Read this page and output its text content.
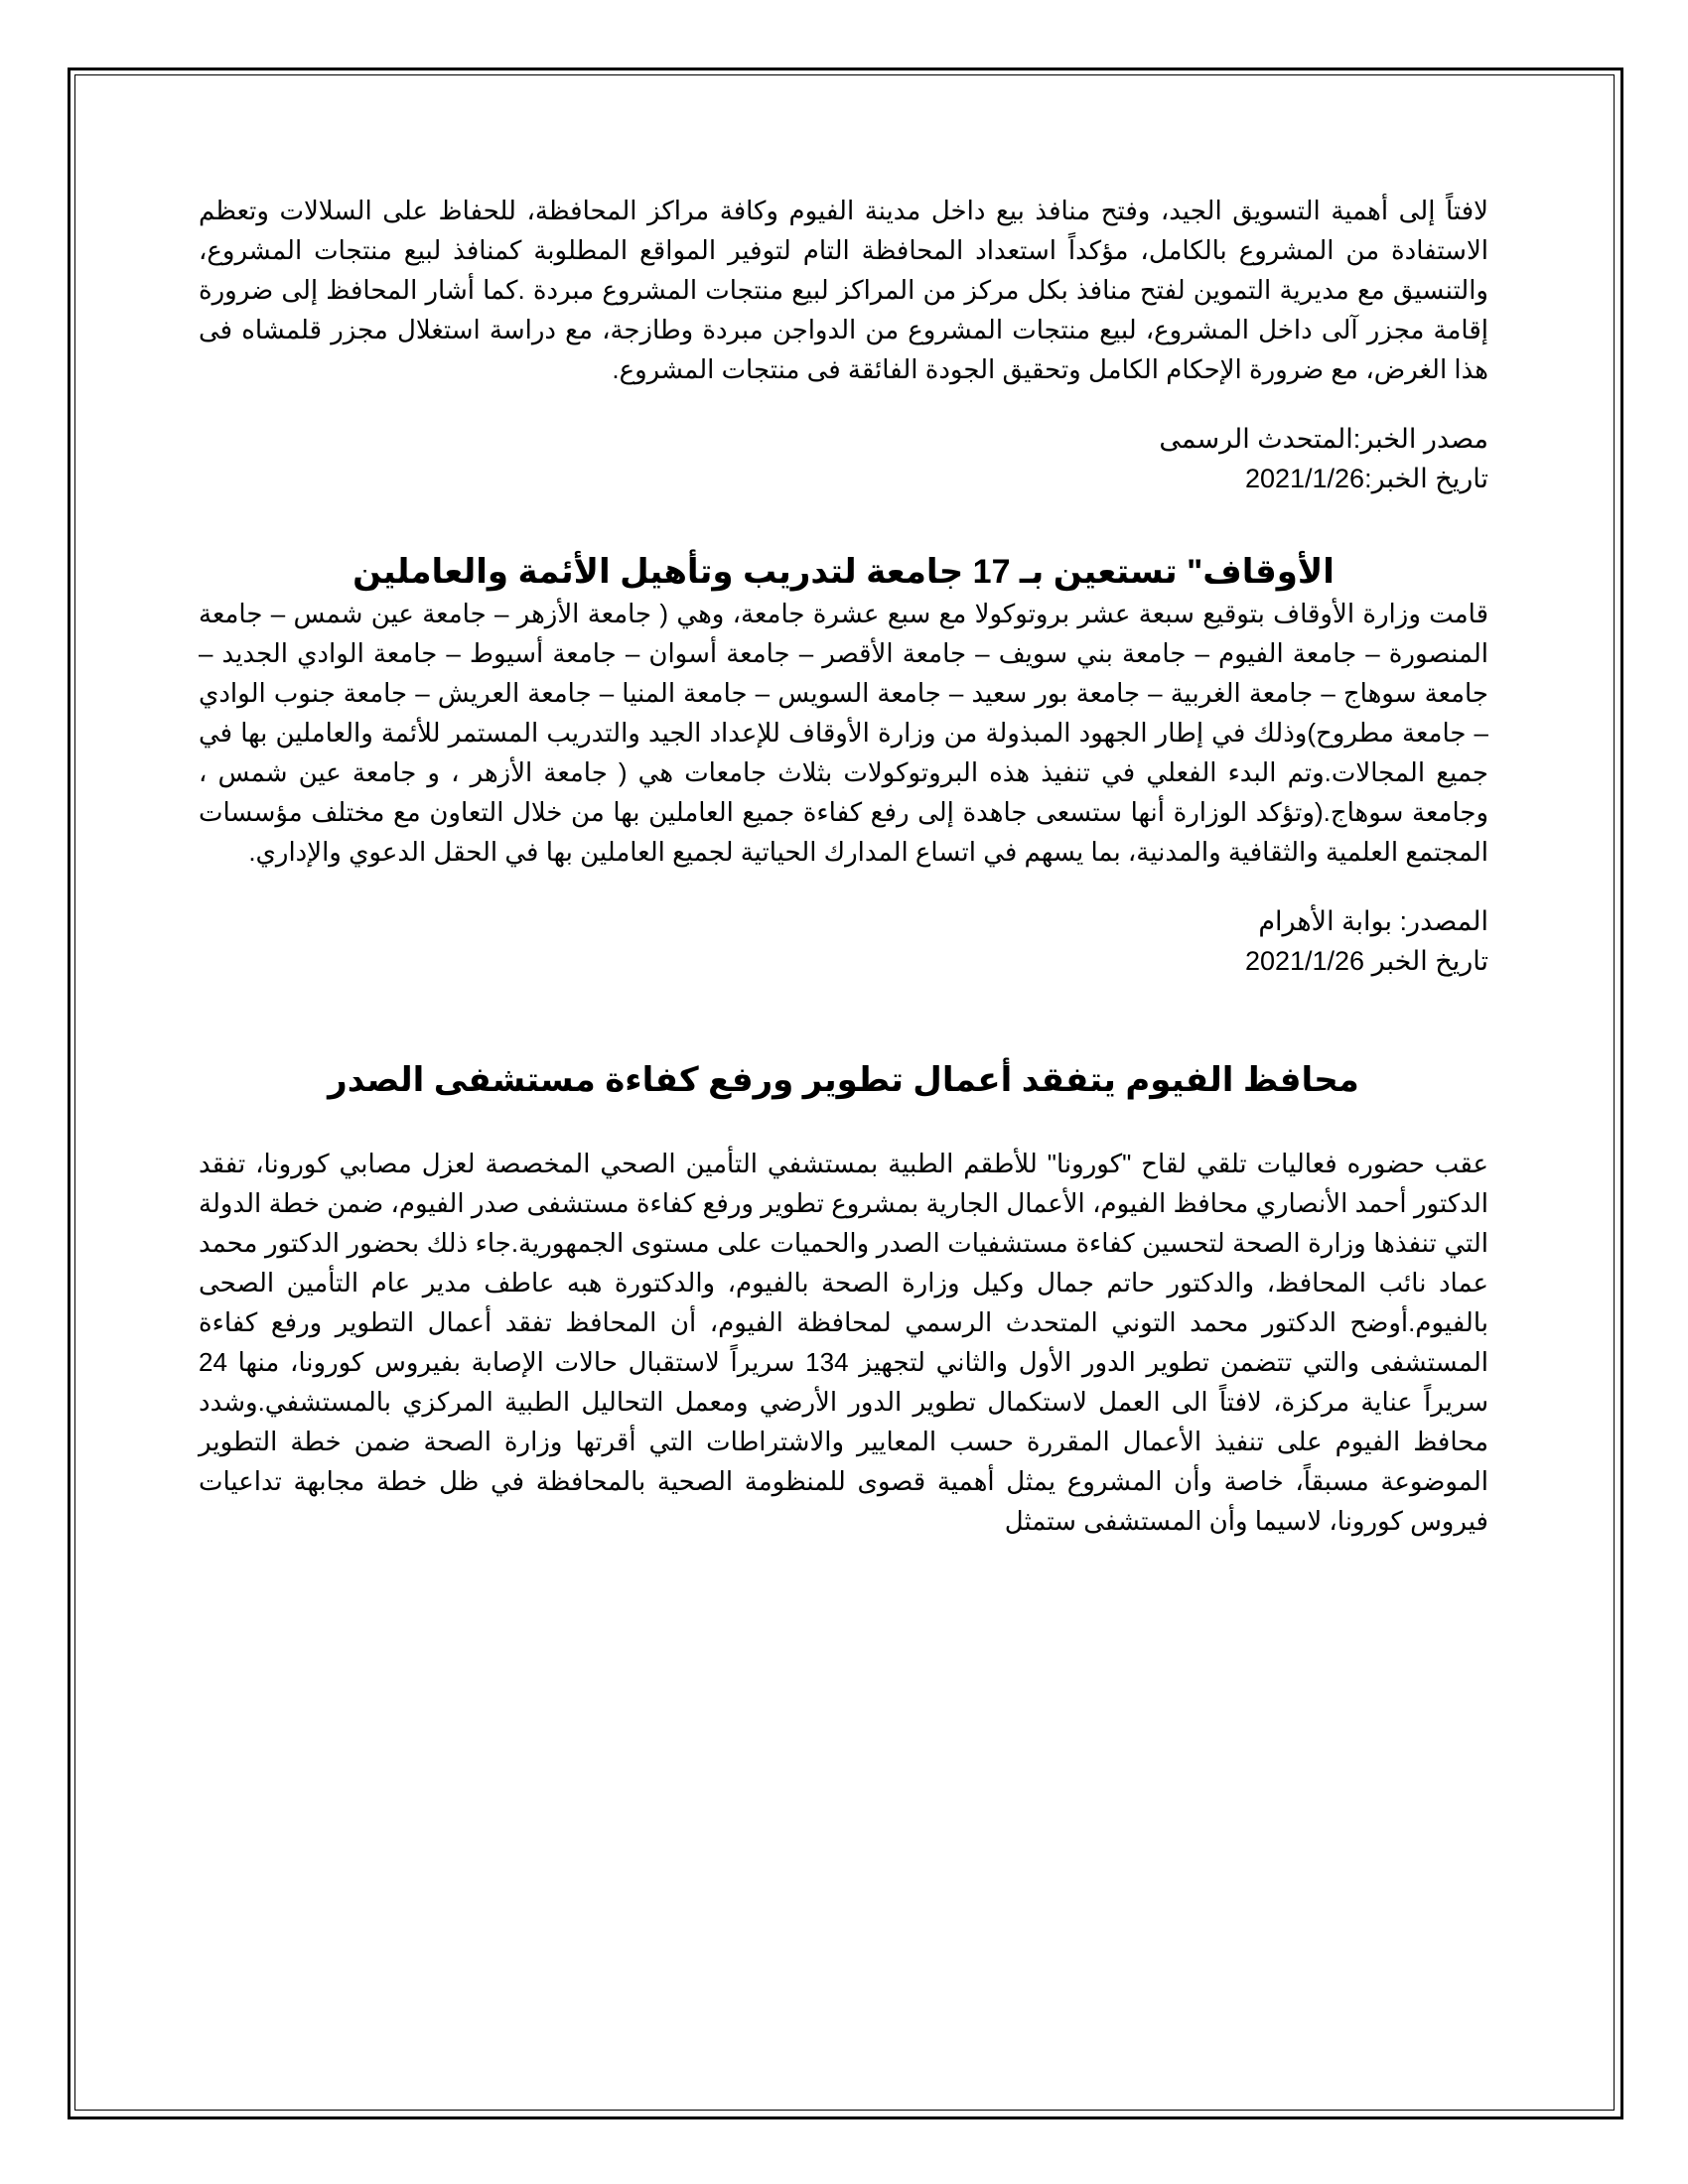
لافتاً إلى أهمية التسويق الجيد، وفتح منافذ بيع داخل مدينة الفيوم وكافة مراكز المحافظة، للحفاظ على السلالات وتعظم الاستفادة من المشروع بالكامل، مؤكداً استعداد المحافظة التام لتوفير المواقع المطلوبة كمنافذ لبيع منتجات المشروع، والتنسيق مع مديرية التموين لفتح منافذ بكل مركز من المراكز لبيع منتجات المشروع مبردة .كما أشار المحافظ إلى ضرورة إقامة مجزر آلى داخل المشروع، لبيع منتجات المشروع من الدواجن مبردة وطازجة، مع دراسة استغلال مجزر قلمشاه فى هذا الغرض، مع ضرورة الإحكام الكامل وتحقيق الجودة الفائقة فى منتجات المشروع.

مصدر الخبر:المتحدث الرسمى

تاريخ الخبر:2021/1/26

الأوقاف" تستعين بـ 17 جامعة لتدريب وتأهيل الأئمة والعاملين

قامت وزارة الأوقاف بتوقيع سبعة عشر بروتوكولا مع سبع عشرة جامعة، وهي ( جامعة الأزهر – جامعة عين شمس – جامعة المنصورة – جامعة الفيوم – جامعة بني سويف – جامعة الأقصر – جامعة أسوان – جامعة أسيوط – جامعة الوادي الجديد – جامعة سوهاج – جامعة الغربية – جامعة بور سعيد – جامعة السويس – جامعة المنيا – جامعة العريش – جامعة جنوب الوادي – جامعة مطروح)وذلك في إطار الجهود المبذولة من وزارة الأوقاف للإعداد الجيد والتدريب المستمر للأئمة والعاملين بها في جميع المجالات.وتم البدء الفعلي في تنفيذ هذه البروتوكولات بثلاث جامعات هي ( جامعة الأزهر ، و جامعة عين شمس ، وجامعة سوهاج.(وتؤكد الوزارة أنها ستسعى جاهدة إلى رفع كفاءة جميع العاملين بها من خلال التعاون مع مختلف مؤسسات المجتمع العلمية والثقافية والمدنية، بما يسهم في اتساع المدارك الحياتية لجميع العاملين بها في الحقل الدعوي والإداري.

المصدر: بوابة الأهرام

تاريخ الخبر 2021/1/26

محافظ الفيوم يتفقد أعمال تطوير ورفع كفاءة مستشفى الصدر

عقب حضوره فعاليات تلقي لقاح "كورونا" للأطقم الطبية بمستشفي التأمين الصحي المخصصة لعزل مصابي كورونا، تفقد الدكتور أحمد الأنصاري محافظ الفيوم، الأعمال الجارية بمشروع تطوير ورفع كفاءة مستشفى صدر الفيوم، ضمن خطة الدولة التي تنفذها وزارة الصحة لتحسين كفاءة مستشفيات الصدر والحميات على مستوى الجمهورية.جاء ذلك بحضور الدكتور محمد عماد نائب المحافظ، والدكتور حاتم جمال وكيل وزارة الصحة بالفيوم، والدكتورة هبه عاطف مدير عام التأمين الصحى بالفيوم.أوضح الدكتور محمد التوني المتحدث الرسمي لمحافظة الفيوم، أن المحافظ تفقد أعمال التطوير ورفع كفاءة المستشفى والتي تتضمن تطوير الدور الأول والثاني لتجهيز 134 سريراً لاستقبال حالات الإصابة بفيروس كورونا، منها 24 سريراً عناية مركزة، لافتاً الى العمل لاستكمال تطوير الدور الأرضي ومعمل التحاليل الطبية المركزي بالمستشفي.وشدد محافظ الفيوم على تنفيذ الأعمال المقررة حسب المعايير والاشتراطات التي أقرتها وزارة الصحة ضمن خطة التطوير الموضوعة مسبقاً، خاصة وأن المشروع يمثل أهمية قصوى للمنظومة الصحية بالمحافظة في ظل خطة مجابهة تداعيات فيروس كورونا، لاسيما وأن المستشفى ستمثل
